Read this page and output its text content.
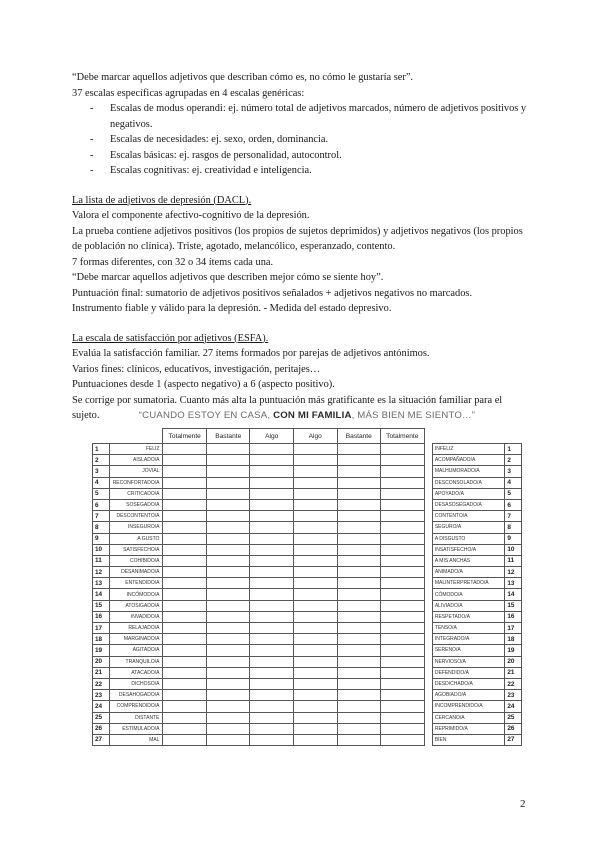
“Debe marcar aquellos adjetivos que describan cómo es, no cómo le gustaría ser”.

37 escalas específicas agrupadas en 4 escalas genéricas:

- Escalas de modus operandi: ej. número total de adjetivos marcados, número de adjetivos positivos y negativos.
- Escalas de necesidades: ej. sexo, orden, dominancia.
- Escalas básicas: ej. rasgos de personalidad, autocontrol.
- Escalas cognitivas: ej. creatividad e inteligencia.

La lista de adjetivos de depresión (DACL).

Valora el componente afectivo-cognitivo de la depresión.

La prueba contiene adjetivos positivos (los propios de sujetos deprimidos) y adjetivos negativos (los propios de población no clínica). Triste, agotado, melancólico, esperanzado, contento.

7 formas diferentes, con 32 o 34 ítems cada una.

“Debe marcar aquellos adjetivos que describen mejor cómo se siente hoy”.

Puntuación final: sumatorio de adjetivos positivos señalados + adjetivos negativos no marcados.

Instrumento fiable y válido para la depresión. - Medida del estado depresivo.

La escala de satisfacción por adjetivos (ESFA).

Evalúa la satisfacción familiar. 27 ítems formados por parejas de adjetivos antónimos.

Varios fines: clínicos, educativos, investigación, peritajes…

Puntuaciones desde 1 (aspecto negativo) a 6 (aspecto positivo).

Se corrige por sumatoria. Cuanto más alta la puntuación más gratificante es la situación familiar para el sujeto.	“CUANDO ESTOY EN CASA, CON MI FAMILIA, MÁS BIEN ME SIENTO…”
		Totalmente	Bastante	Algo	Algo	Bastante	Totalmente			
1	FELIZ								INFELIZ	1
2	AISLADO/A								ACOMPAÑADO/A	2
3	JOVIAL								MALHUMORADO/A	3
4	RECONFORTADO/A								DESCONSOLADO/A	4
5	CRITICADO/A								APOYADO/A	5
6	SOSEGADO/A								DESASOSEGADO/A	6
7	DESCONTENTO/A								CONTENTO/A	7
8	INSEGURO/A								SEGURO/A	8
9	A GUSTO								A DISGUSTO	9
10	SATISFECHO/A								INSATISFECHO/A	10
11	COHIBIDO/A								A MIS ANCHAS	11
12	DESANIMADO/A								ANIMADO/A	12
13	ENTENDIDO/A								MALINTERPRETADO/A	13
14	INCÓMODO/A								CÓMODO/A	14
15	ATOSIGADO/A								ALIVIADO/A	15
16	INVADIDO/A								RESPETADO/A	16
17	RELAJADO/A								TENSO/A	17
18	MARGINADO/A								INTEGRADO/A	18
19	AGITADO/A								SERENO/A	19
20	TRANQUILO/A								NERVIOSO/A	20
21	ATACADO/A								DEFENDIDO/A	21
22	DICHOSO/A								DESDICHADO/A	22
23	DESAHOGADO/A								AGOBIADO/A	23
24	COMPRENDIDO/A								INCOMPRENDIDO/A	24
25	DISTANTE								CERCANO/A	25
26	ESTIMULADO/A								REPRIMIDO/A	26
27	MAL								BIEN	27
2
